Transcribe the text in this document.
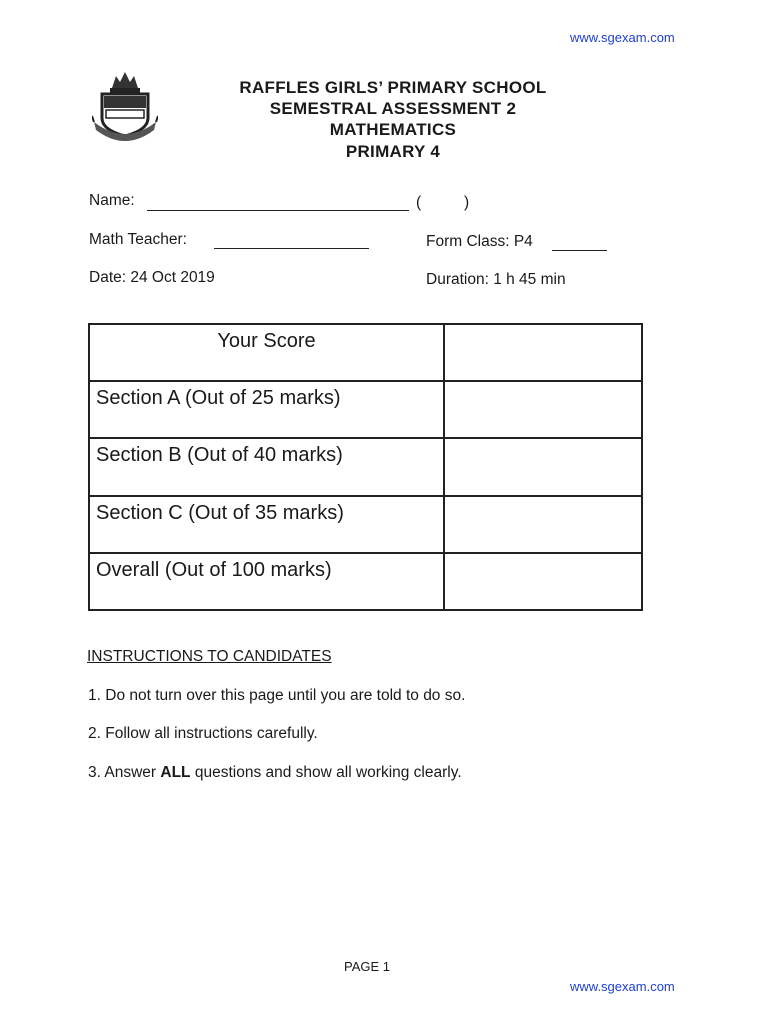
www.sgexam.com
RAFFLES GIRLS’ PRIMARY SCHOOL
SEMESTRAL ASSESSMENT 2
MATHEMATICS
PRIMARY 4
Name:	(	)
Math Teacher:	Form Class: P4
Date: 24 Oct 2019	Duration: 1 h 45 min
Your Score	
Section A (Out of 25 marks)	
Section B (Out of 40 marks)	
Section C (Out of 35 marks)	
Overall (Out of 100 marks)	
INSTRUCTIONS TO CANDIDATES
1. Do not turn over this page until you are told to do so.
2. Follow all instructions carefully.
3. Answer ALL questions and show all working clearly.
PAGE 1
www.sgexam.com
